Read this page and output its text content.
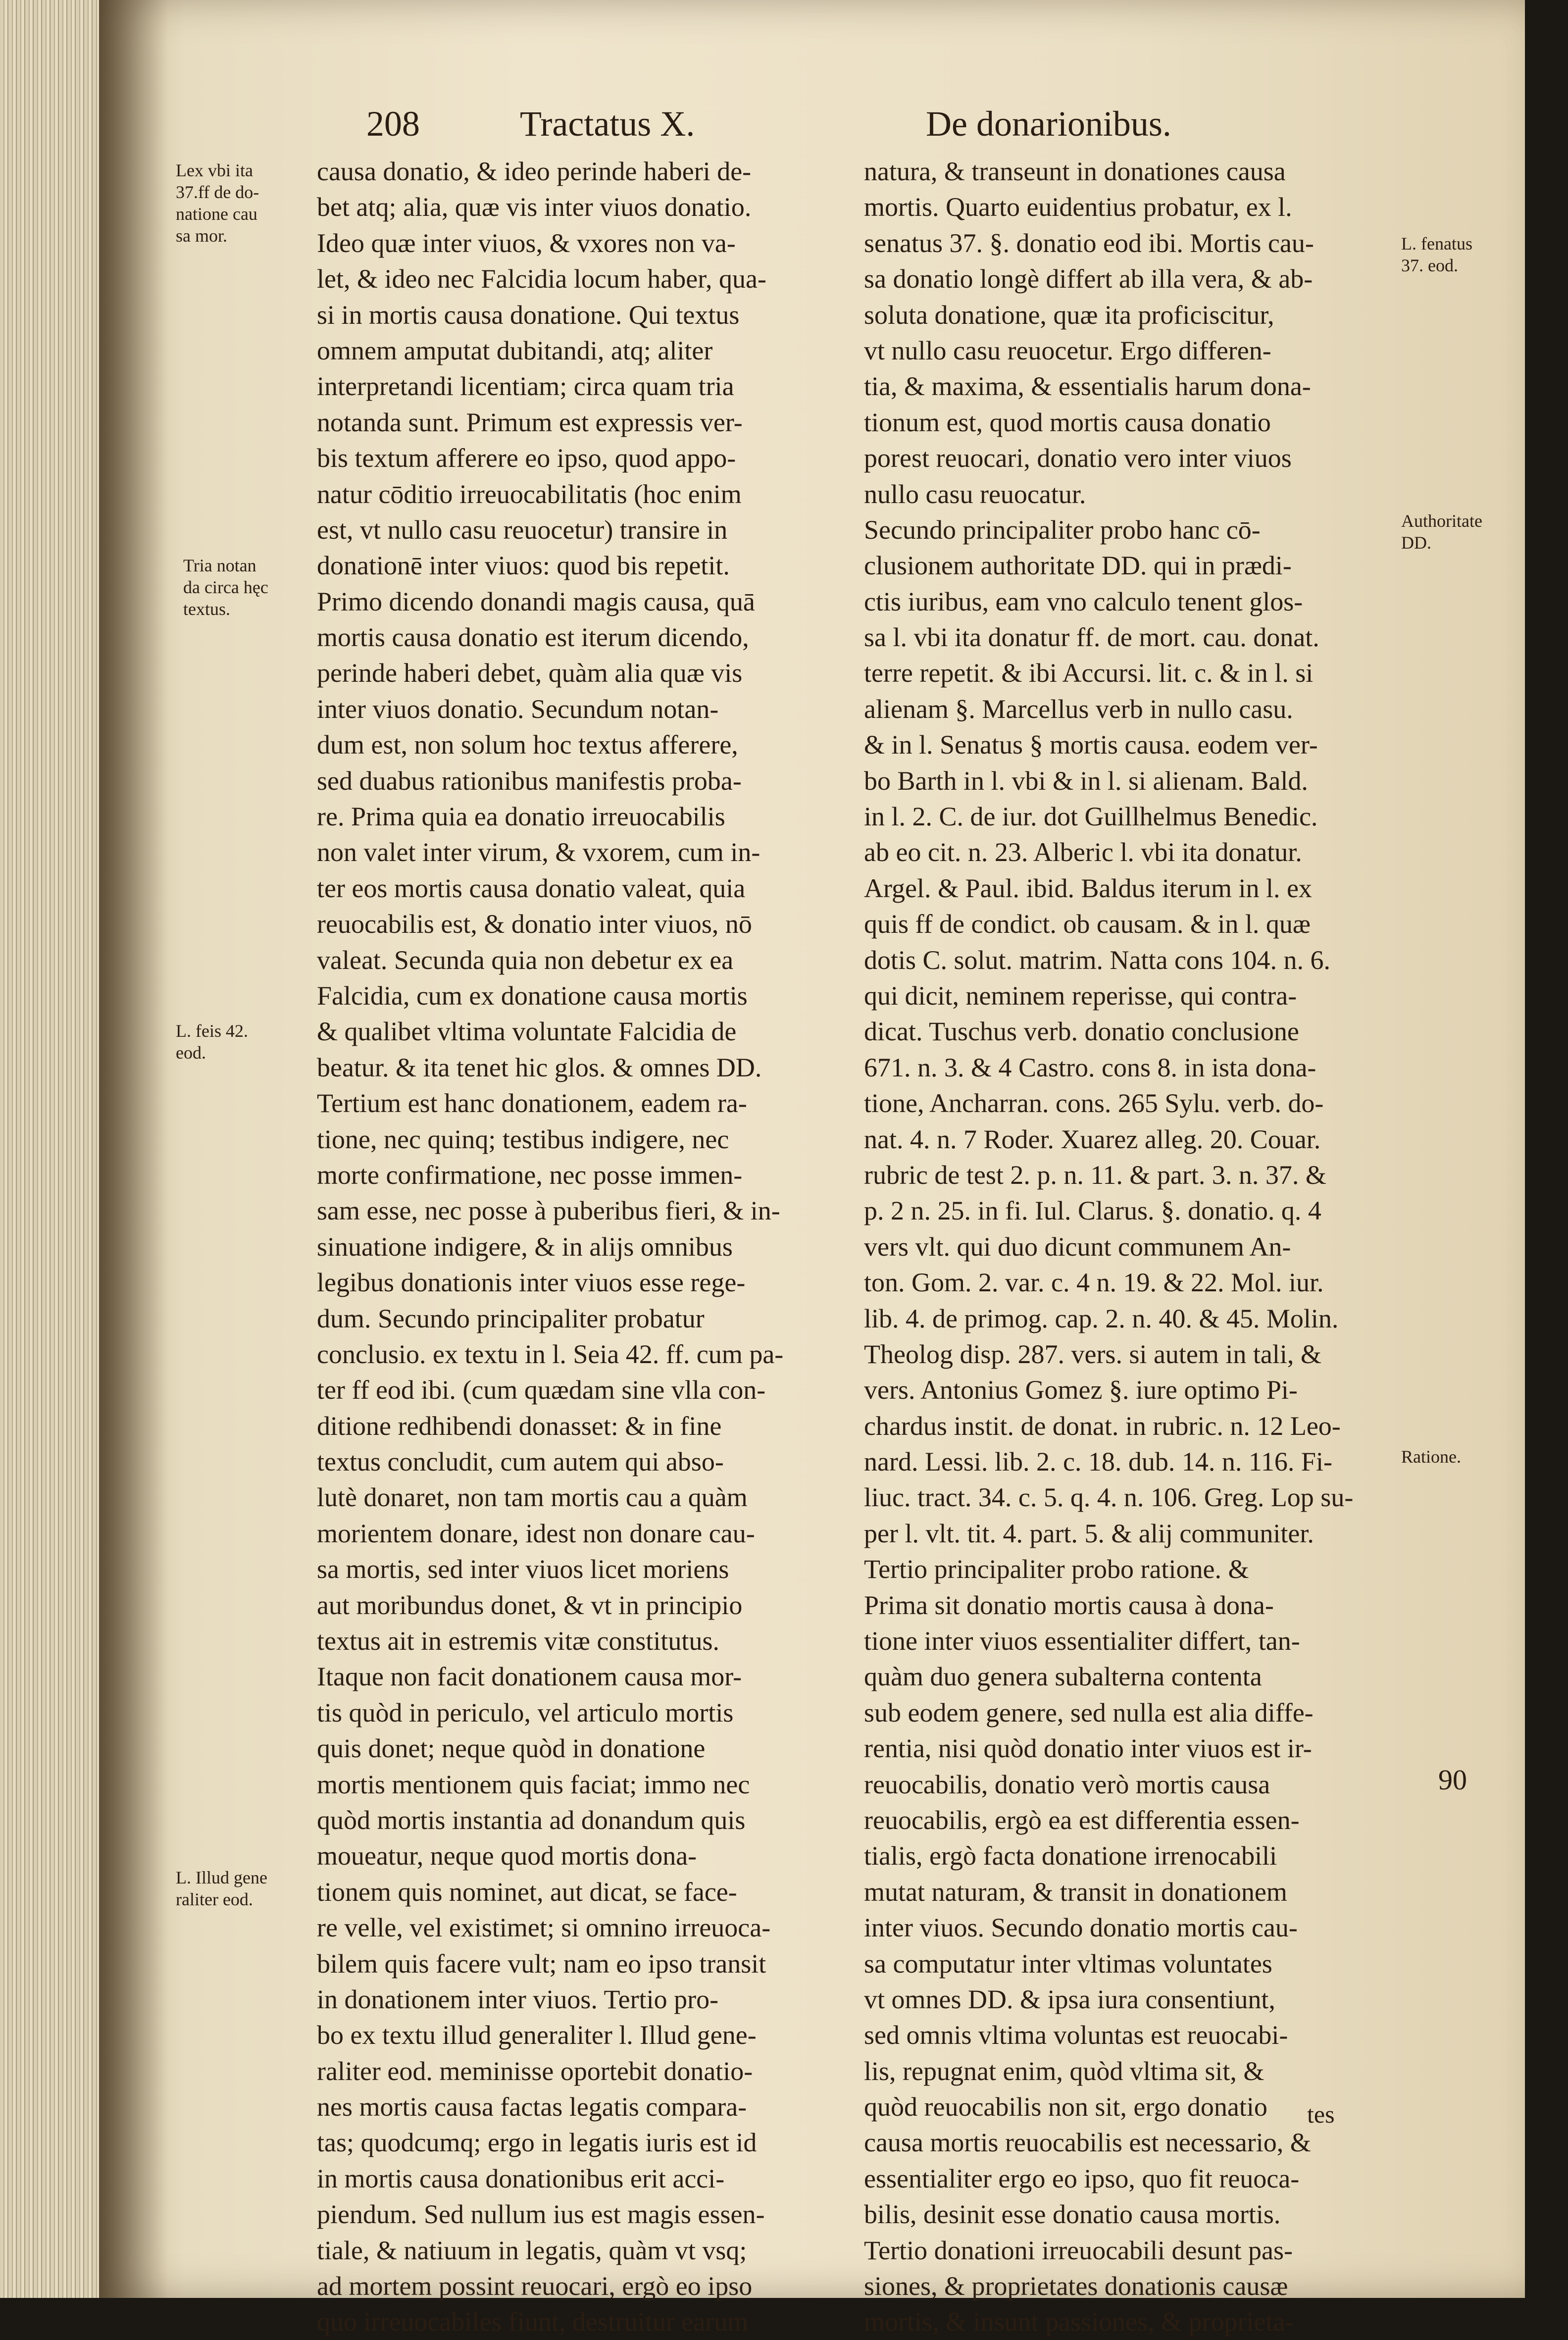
208	Tractatus X.	De donarionibus.
Lex vbi ita
37.ff de do-
natione cau
sa mor.
Tria notan
da circa hęc
textus.
L. feis 42.
eod.
L. Illud gene
raliter eod.
L. fenatus
37. eod.
Authoritate
DD.
Ratione.
causa donatio, & ideo perinde haberi de-
bet atq; alia, quæ vis inter viuos donatio.
Ideo quæ inter viuos, & vxores non va-
let, & ideo nec Falcidia locum haber, qua-
si in mortis causa donatione. Qui textus
omnem amputat dubitandi, atq; aliter
interpretandi licentiam; circa quam tria
notanda sunt. Primum est expressis ver-
bis textum afferere eo ipso, quod appo-
natur cōditio irreuocabilitatis (hoc enim
est, vt nullo casu reuocetur) transire in
donationē inter viuos: quod bis repetit.
Primo dicendo donandi magis causa, quā
mortis causa donatio est iterum dicendo,
perinde haberi debet, quàm alia quæ vis
inter viuos donatio. Secundum notan-
dum est, non solum hoc textus afferere,
sed duabus rationibus manifestis proba-
re. Prima quia ea donatio irreuocabilis
non valet inter virum, & vxorem, cum in-
ter eos mortis causa donatio valeat, quia
reuocabilis est, & donatio inter viuos, nō
valeat. Secunda quia non debetur ex ea
Falcidia, cum ex donatione causa mortis
& qualibet vltima voluntate Falcidia de
beatur. & ita tenet hic glos. & omnes DD.
Tertium est hanc donationem, eadem ra-
tione, nec quinq; testibus indigere, nec
morte confirmatione, nec posse immen-
sam esse, nec posse à puberibus fieri, & in-
sinuatione indigere, & in alijs omnibus
legibus donationis inter viuos esse rege-
dum. Secundo principaliter probatur
conclusio. ex textu in l. Seia 42. ff. cum pa-
ter ff eod ibi. (cum quædam sine vlla con-
ditione redhibendi donasset: & in fine
textus concludit, cum autem qui abso-
lutè donaret, non tam mortis cau a quàm
morientem donare, idest non donare cau-
sa mortis, sed inter viuos licet moriens
aut moribundus donet, & vt in principio
textus ait in estremis vitæ constitutus.
Itaque non facit donationem causa mor-
tis quòd in periculo, vel articulo mortis
quis donet; neque quòd in donatione
mortis mentionem quis faciat; immo nec
quòd mortis instantia ad donandum quis
moueatur, neque quod mortis dona-
tionem quis nominet, aut dicat, se face-
re velle, vel existimet; si omnino irreuoca-
bilem quis facere vult; nam eo ipso transit
in donationem inter viuos. Tertio pro-
bo ex textu illud generaliter l. Illud gene-
raliter eod. meminisse oportebit donatio-
nes mortis causa factas legatis compara-
tas; quodcumq; ergo in legatis iuris est id
in mortis causa donationibus erit acci-
piendum. Sed nullum ius est magis essen-
tiale, & natiuum in legatis, quàm vt vsq;
ad mortem possint reuocari, ergò eo ipso
quo irreuocabiles fiunt, destruitur earum
natura, & transeunt in donationes causa
mortis. Quarto euidentius probatur, ex l.
senatus 37. §. donatio eod ibi. Mortis cau-
sa donatio longè differt ab illa vera, & ab-
soluta donatione, quæ ita proficiscitur,
vt nullo casu reuocetur. Ergo differen-
tia, & maxima, & essentialis harum dona-
tionum est, quod mortis causa donatio
porest reuocari, donatio vero inter viuos
nullo casu reuocatur.
Secundo principaliter probo hanc cō-
clusionem authoritate DD. qui in prædi-
ctis iuribus, eam vno calculo tenent glos-
sa l. vbi ita donatur ff. de mort. cau. donat.
terre repetit. & ibi Accursi. lit. c. & in l. si
alienam §. Marcellus verb in nullo casu.
& in l. Senatus § mortis causa. eodem ver-
bo Barth in l. vbi & in l. si alienam. Bald.
in l. 2. C. de iur. dot Guillhelmus Benedic.
ab eo cit. n. 23. Alberic l. vbi ita donatur.
Argel. & Paul. ibid. Baldus iterum in l. ex
quis ff de condict. ob causam. & in l. quæ
dotis C. solut. matrim. Natta cons 104. n. 6.
qui dicit, neminem reperisse, qui contra-
dicat. Tuschus verb. donatio conclusione
671. n. 3. & 4 Castro. cons 8. in ista dona-
tione, Ancharran. cons. 265 Sylu. verb. do-
nat. 4. n. 7 Roder. Xuarez alleg. 20. Couar.
rubric de test 2. p. n. 11. & part. 3. n. 37. &
p. 2 n. 25. in fi. Iul. Clarus. §. donatio. q. 4
vers vlt. qui duo dicunt communem An-
ton. Gom. 2. var. c. 4 n. 19. & 22. Mol. iur.
lib. 4. de primog. cap. 2. n. 40. & 45. Molin.
Theolog disp. 287. vers. si autem in tali, &
vers. Antonius Gomez §. iure optimo Pi-
chardus instit. de donat. in rubric. n. 12 Leo-
nard. Lessi. lib. 2. c. 18. dub. 14. n. 116. Fi-
liuc. tract. 34. c. 5. q. 4. n. 106. Greg. Lop su-
per l. vlt. tit. 4. part. 5. & alij communiter.
Tertio principaliter probo ratione. &
Prima sit donatio mortis causa à dona-
tione inter viuos essentialiter differt, tan-
quàm duo genera subalterna contenta
sub eodem genere, sed nulla est alia diffe-
rentia, nisi quòd donatio inter viuos est ir-
reuocabilis, donatio verò mortis causa
reuocabilis, ergò ea est differentia essen-
tialis, ergò facta donatione irrenocabili
mutat naturam, & transit in donationem
inter viuos. Secundo donatio mortis cau-
sa computatur inter vltimas voluntates
vt omnes DD. & ipsa iura consentiunt,
sed omnis vltima voluntas est reuocabi-
lis, repugnat enim, quòd vltima sit, &
quòd reuocabilis non sit, ergo donatio
causa mortis reuocabilis est necessario, &
essentialiter ergo eo ipso, quo fit reuoca-
bilis, desinit esse donatio causa mortis.
Tertio donationi irreuocabili desunt pas-
siones, & proprietates donationis causæ
mortis, & insunt passiones, & proprieta-
90
tes
